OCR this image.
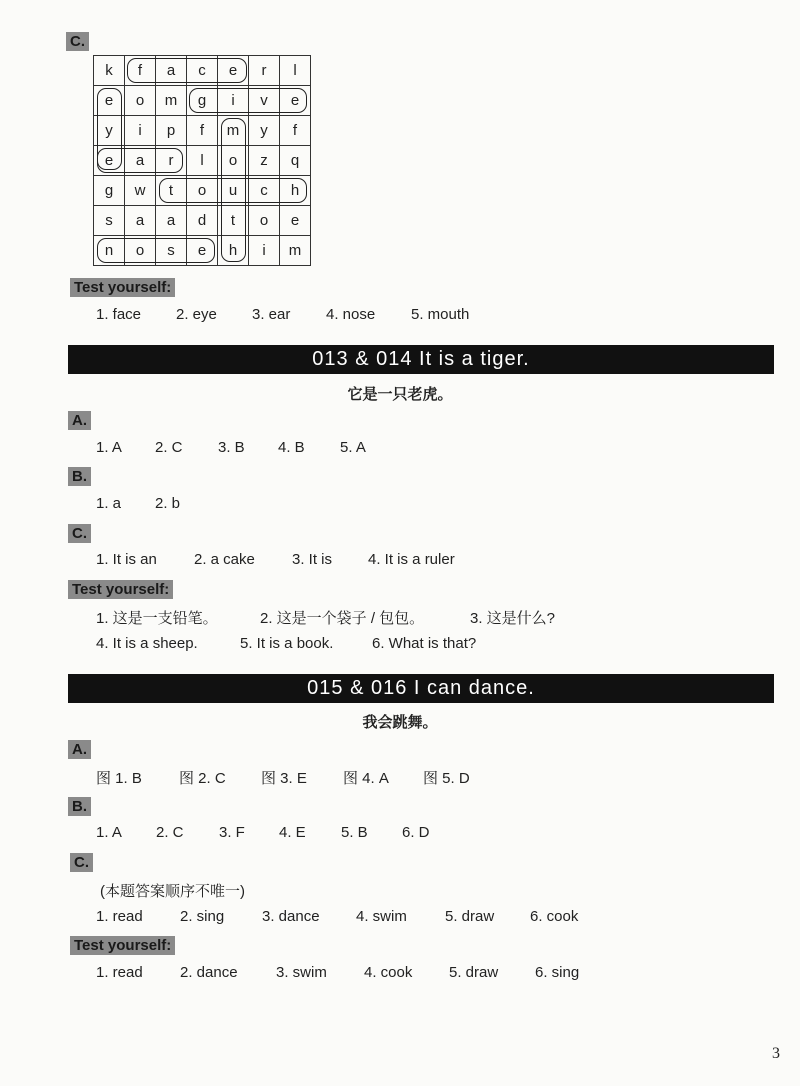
C.
k	f	a	c	e	r	l
e	o	m	g	i	v	e
y	i	p	f	m	y	f
e	a	r	l	o	z	q
g	w	t	o	u	c	h
s	a	a	d	t	o	e
n	o	s	e	h	i	m
Test yourself:
1. face 2. eye 3. ear 4. nose 5. mouth
013 & 014 It is a tiger.
它是一只老虎。
A.
1. A 2. C 3. B 4. B 5. A
B.
1. a 2. b
C.
1. It is an 2. a cake 3. It is 4. It is a ruler
Test yourself:
1. 这是一支铅笔。	2. 这是一个袋子 / 包包。	3. 这是什么?
4. It is a sheep.	5. It is a book.	6. What is that?
015 & 016 I can dance.
我会跳舞。
A.
图 1. B 图 2. C 图 3. E 图 4. A 图 5. D
B.
1. A 2. C 3. F 4. E 5. B 6. D
C.
(本题答案顺序不唯一)
1. read 2. sing	3. dance 4. swim	5. draw 6. cook
Test yourself:
1. read 2. dance	3. swim 4. cook 5. draw 6. sing
3
